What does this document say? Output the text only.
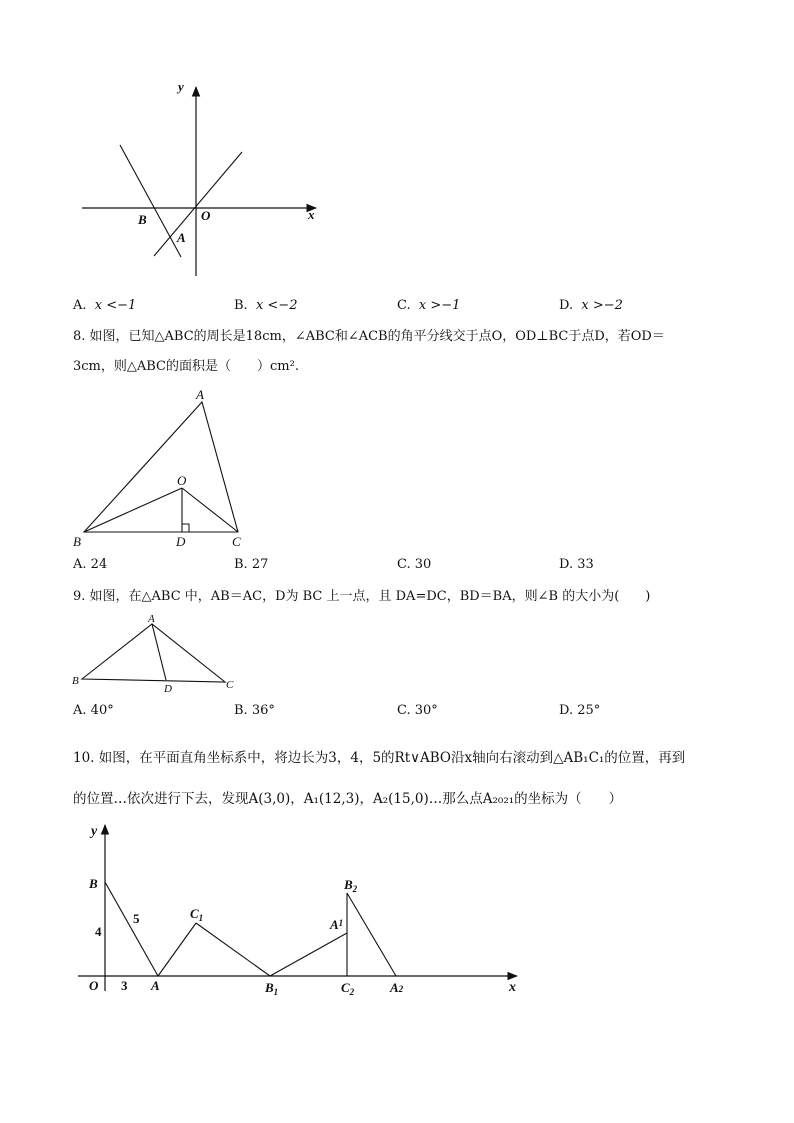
y
x
O
B
A
A. x <−1	B. x <−2	C. x >−1	D. x >−2
8. 如图，已知△ABC的周长是18cm，∠ABC和∠ACB的角平分线交于点O，OD⊥BC于点D，若OD＝
3cm，则△ABC的面积是（　　）cm².
A
O
B	D	C
A. 24	B. 27	C. 30	D. 33
9. 如图，在△ABC 中，AB＝AC，D为 BC 上一点，且 DA=DC，BD＝BA，则∠B 的大小为(　　)
A
B
D	C
A. 40°	B. 36°	C. 30°	D. 25°
10. 如图，在平面直角坐标系中，将边长为3，4，5的Rt∨ABO沿x轴向右滚动到△AB₁C₁的位置，再到
的位置…依次进行下去，发现A(3,0)，A₁(12,3)，A₂(15,0)…那么点A₂₀₂₁的坐标为（　　）
y
x
O
B
5
4
3 A
$C_1$
$B_1$
$B_2$
$A^1$
$C_2$	A2
